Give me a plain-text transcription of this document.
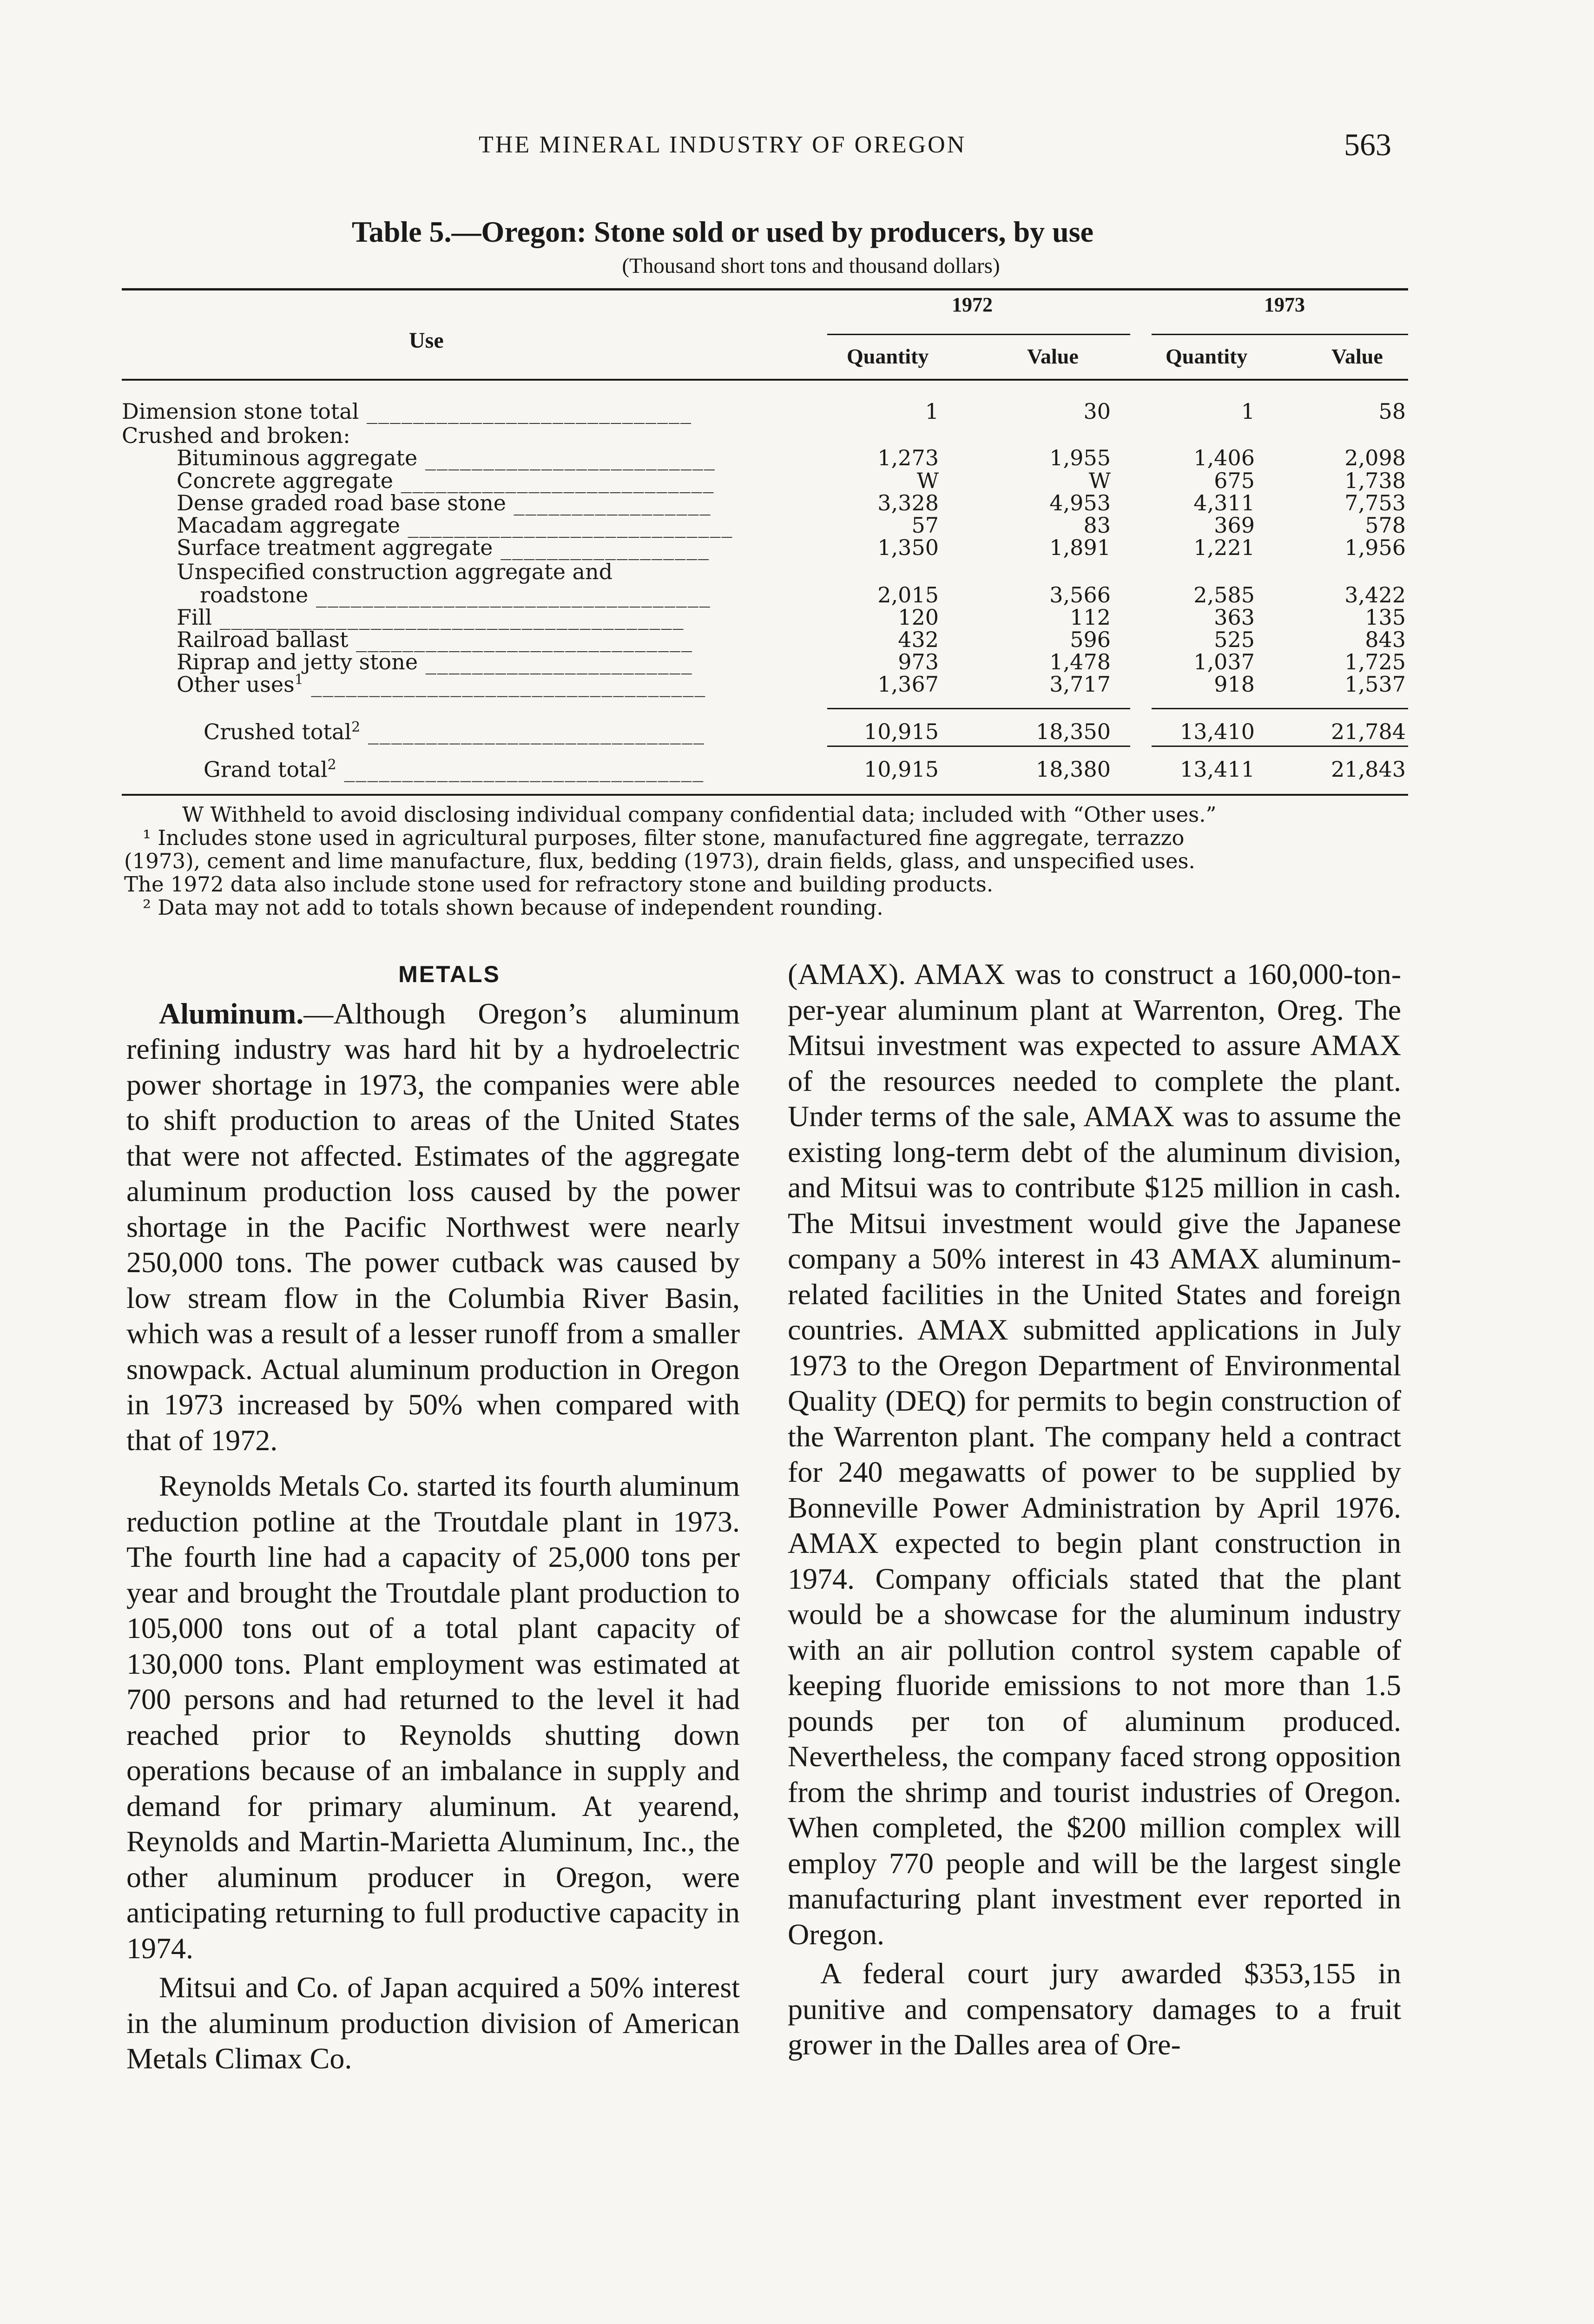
THE MINERAL INDUSTRY OF OREGON	563
Table 5.—Oregon: Stone sold or used by producers, by use
(Thousand short tons and thousand dollars)
Use
1972	1973
Quantity	Value	Quantity	Value
Dimension stone total ____________________________	1	30	1	58
Crushed and broken:
Bituminous aggregate _________________________	1,273	1,955	1,406	2,098
Concrete aggregate ___________________________	W	W	675	1,738
Dense graded road base stone _________________	3,328	4,953	4,311	7,753
Macadam aggregate ____________________________	57	83	369	578
Surface treatment aggregate __________________	1,350	1,891	1,221	1,956
Unspecified construction aggregate and
roadstone __________________________________	2,015	3,566	2,585	3,422
Fill ________________________________________	120	112	363	135
Railroad ballast _____________________________	432	596	525	843
Riprap and jetty stone _______________________	973	1,478	1,037	1,725
Other uses$^1$ __________________________________	1,367	3,717	918	1,537
Crushed total$^2$ _____________________________	10,915	18,350	13,410	21,784
Grand total$^2$ _______________________________	10,915	18,380	13,411	21,843

W Withheld to avoid disclosing individual company confidential data; included with “Other uses.”

¹ Includes stone used in agricultural purposes, filter stone, manufactured fine aggregate, terrazzo

(1973), cement and lime manufacture, flux, bedding (1973), drain fields, glass, and unspecified uses.

The 1972 data also include stone used for refractory stone and building products.

² Data may not add to totals shown because of independent rounding.

METALS

Aluminum.—Although Oregon’s aluminum refining industry was hard hit by a hydroelectric power shortage in 1973, the companies were able to shift production to areas of the United States that were not affected. Estimates of the aggregate aluminum production loss caused by the power shortage in the Pacific Northwest were nearly 250,000 tons. The power cutback was caused by low stream flow in the Columbia River Basin, which was a result of a lesser runoff from a smaller snowpack. Actual aluminum production in Oregon in 1973 increased by 50% when compared with that of 1972.

Reynolds Metals Co. started its fourth aluminum reduction potline at the Troutdale plant in 1973. The fourth line had a capacity of 25,000 tons per year and brought the Troutdale plant production to 105,000 tons out of a total plant capacity of 130,000 tons. Plant employment was estimated at 700 persons and had returned to the level it had reached prior to Reynolds shutting down operations because of an imbalance in supply and demand for primary aluminum. At yearend, Reynolds and Martin-Marietta Aluminum, Inc., the other aluminum producer in Oregon, were anticipating returning to full productive capacity in 1974.

Mitsui and Co. of Japan acquired a 50% interest in the aluminum production division of American Metals Climax Co.

(AMAX). AMAX was to construct a 160,000-ton-per-year aluminum plant at Warrenton, Oreg. The Mitsui investment was expected to assure AMAX of the resources needed to complete the plant. Under terms of the sale, AMAX was to assume the existing long-term debt of the aluminum division, and Mitsui was to contribute $125 million in cash. The Mitsui investment would give the Japanese company a 50% interest in 43 AMAX aluminum-related facilities in the United States and foreign countries. AMAX submitted applications in July 1973 to the Oregon Department of Environmental Quality (DEQ) for permits to begin construction of the Warrenton plant. The company held a contract for 240 megawatts of power to be supplied by Bonneville Power Administration by April 1976. AMAX expected to begin plant construction in 1974. Company officials stated that the plant would be a showcase for the aluminum industry with an air pollution control system capable of keeping fluoride emissions to not more than 1.5 pounds per ton of aluminum produced. Nevertheless, the company faced strong opposition from the shrimp and tourist industries of Oregon. When completed, the $200 million complex will employ 770 people and will be the largest single manufacturing plant investment ever reported in Oregon.

A federal court jury awarded $353,155 in punitive and compensatory damages to a fruit grower in the Dalles area of Ore-
